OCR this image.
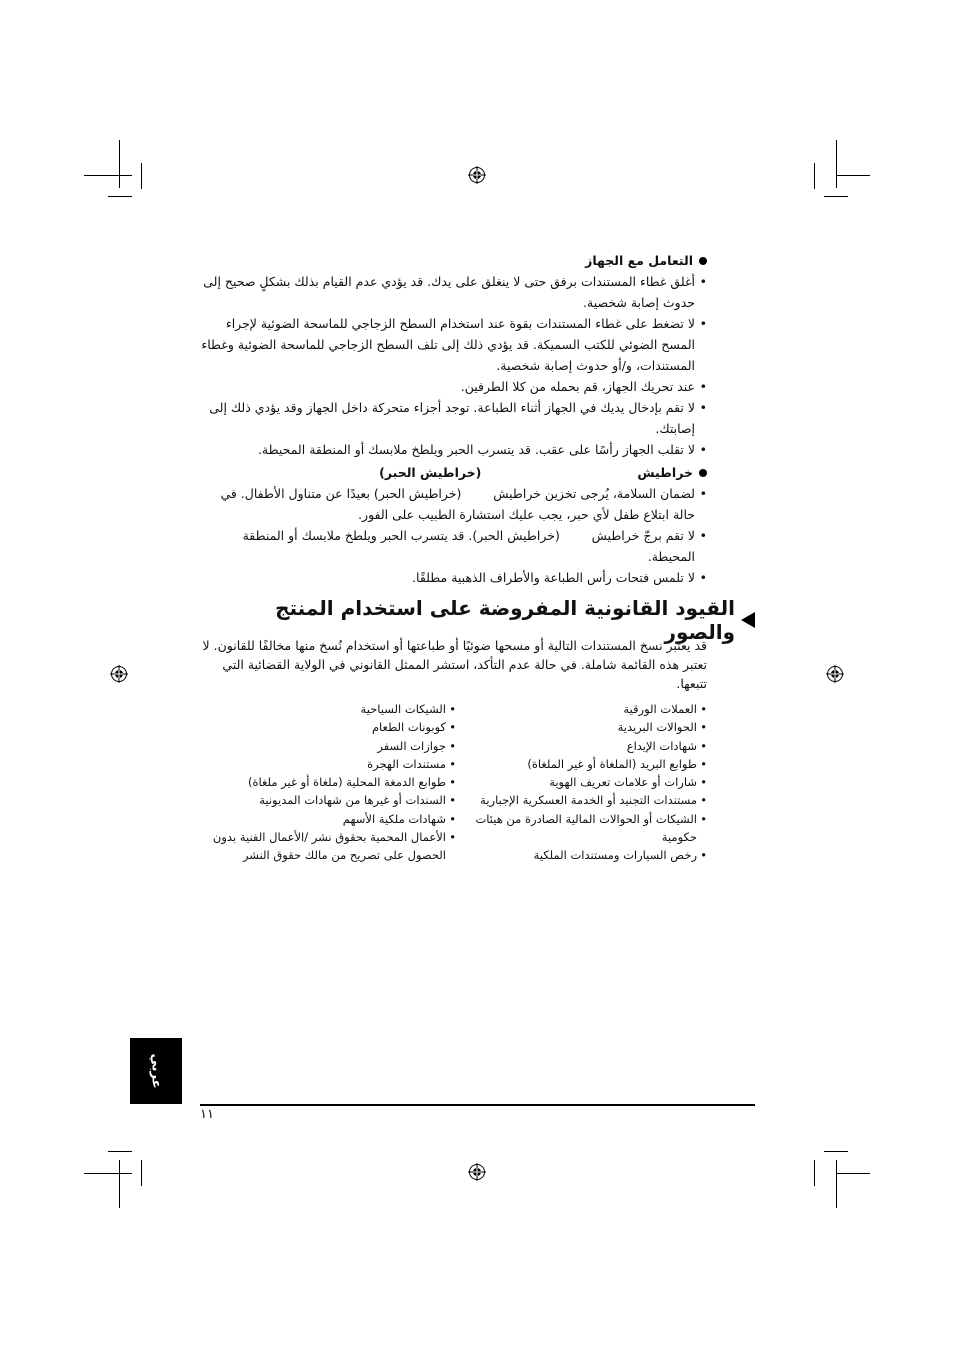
التعامل مع الجهاز
• أغلق غطاء المستندات برفق حتى لا ينغلق على يدك. قد يؤدي عدم القيام بذلك بشكلٍ صحيح إلى حدوث إصابة شخصية.
• لا تضغط على غطاء المستندات بقوة عند استخدام السطح الزجاجي للماسحة الضوئية لإجراء المسح الضوئي للكتب السميكة. قد يؤدي ذلك إلى تلف السطح الزجاجي للماسحة الضوئية وغطاء المستندات، و/أو حدوث إصابة شخصية.
• عند تحريك الجهاز، قم بحمله من كلا الطرفين.
• لا تقم بإدخال يديك في الجهاز أثناء الطباعة. توجد أجزاء متحركة داخل الجهاز وقد يؤدي ذلك إلى إصابتك.
• لا تقلب الجهاز رأسًا على عقب. قد يتسرب الحبر ويلطخ ملابسك أو المنطقة المحيطة.
خراطيش
(خراطيش الحبر)
• لضمان السلامة، يُرجى تخزين خراطيش        (خراطيش الحبر) بعيدًا عن متناول الأطفال. في حالة ابتلاع طفل لأي حبر، يجب عليك استشارة الطبيب على الفور.
• لا تقم برجّ خراطيش        (خراطيش الحبر). قد يتسرب الحبر ويلطخ ملابسك أو المنطقة المحيطة.
• لا تلمس فتحات رأس الطباعة والأطراف الذهبية مطلقًا.
القيود القانونية المفروضة على استخدام المنتج والصور
قد يعتبر نسخ المستندات التالية أو مسحها ضوئيًا أو طباعتها أو استخدام نُسخ منها مخالفًا للقانون. لا تعتبر هذه القائمة شاملة. في حالة عدم التأكد، استشر الممثل القانوني في الولاية القضائية التي تتبعها.
• العملات الورقية
• الحوالات البريدية
• شهادات الإيداع
• طوابع البريد (الملغاة أو غير الملغاة)
• شارات أو علامات تعريف الهوية
• مستندات التجنيد أو الخدمة العسكرية الإجبارية
• الشيكات أو الحوالات المالية الصادرة من هيئات حكومية
• رخص السيارات ومستندات الملكية
• الشيكات السياحية
• كوبونات الطعام
• جوازات السفر
• مستندات الهجرة
• طوابع الدمغة المحلية (ملغاة أو غير ملغاة)
• السندات أو غيرها من شهادات المديونية
• شهادات ملكية الأسهم
• الأعمال المحمية بحقوق نشر /الأعمال الفنية بدون الحصول على تصريح من مالك حقوق النشر
عربي
١١
